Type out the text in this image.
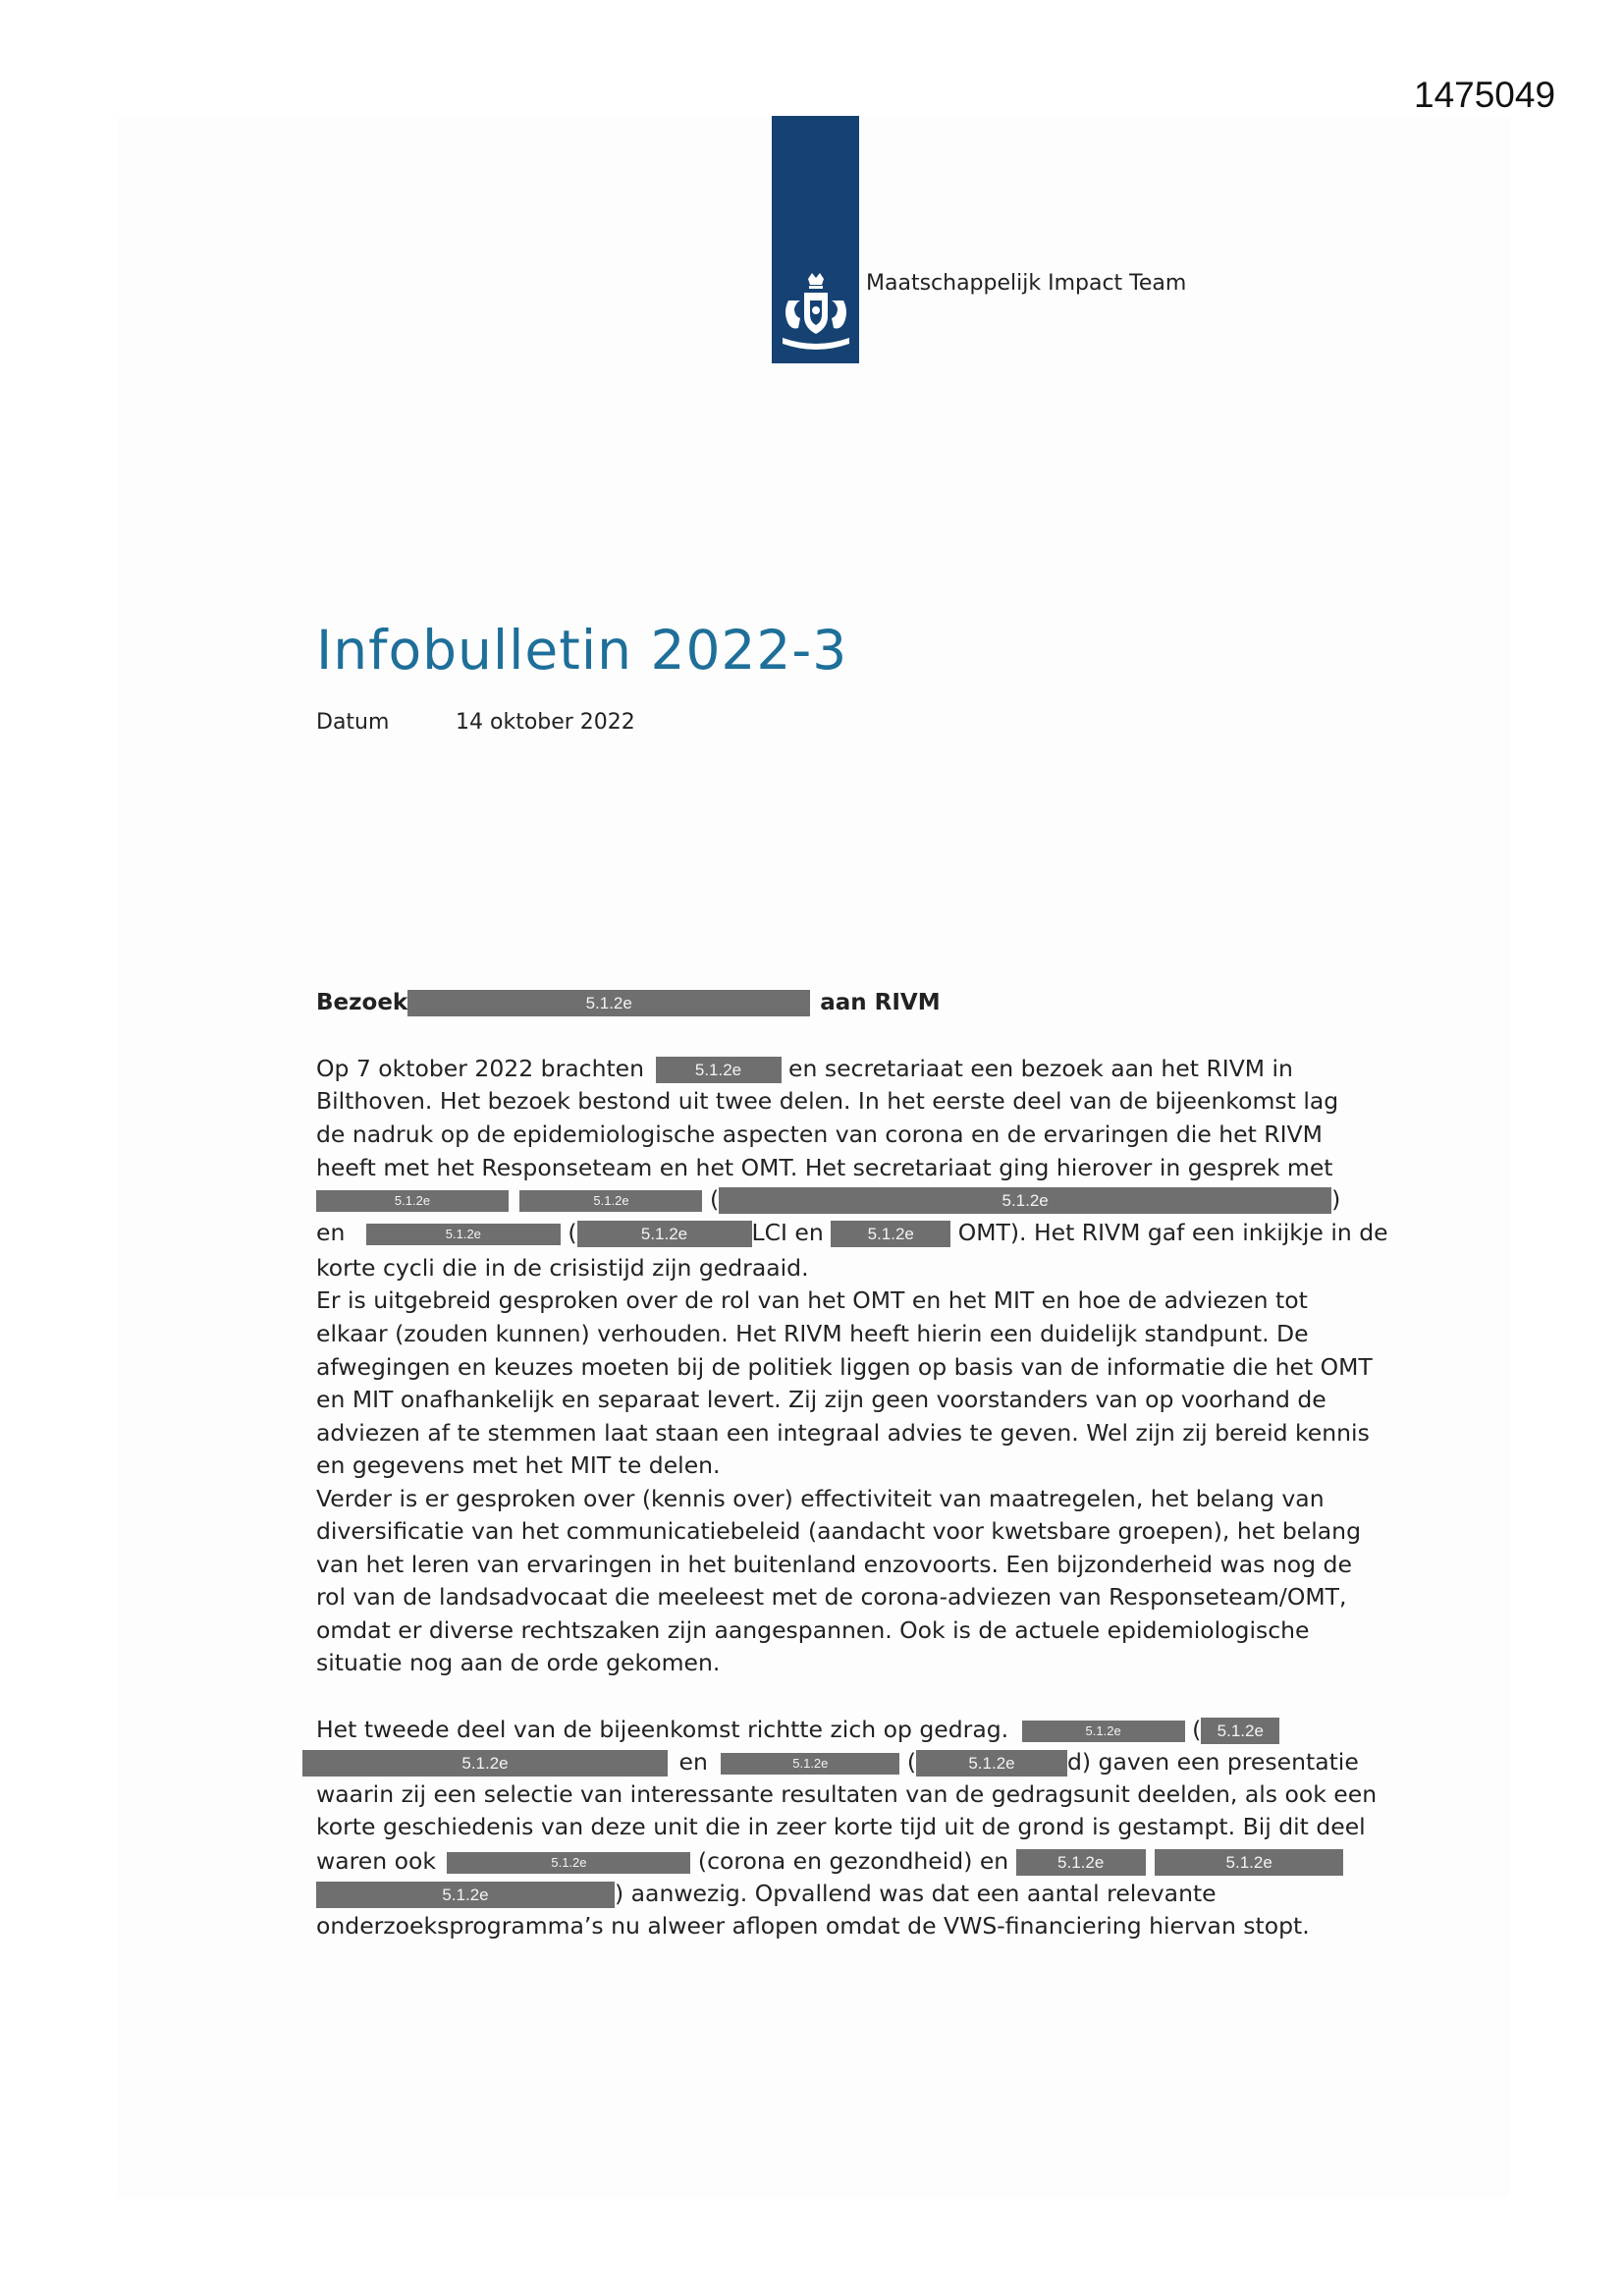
1475049
Maatschappelijk Impact Team
Infobulletin 2022-3
Datum	14 oktober 2022
Bezoek	5.1.2e	aan RIVM
Op 7 oktober 2022 brachten	5.1.2e en secretariaat een bezoek aan het RIVM in
Bilthoven. Het bezoek bestond uit twee delen. In het eerste deel van de bijeenkomst lag
de nadruk op de epidemiologische aspecten van corona en de ervaringen die het RIVM
heeft met het Responseteam en het OMT. Het secretariaat ging hierover in gesprek met
5.1.2e	5.1.2e	(	5.1.2e	)
en	5.1.2e	(	5.1.2e	LCI en	5.1.2e OMT). Het RIVM gaf een inkijkje in de
korte cycli die in de crisistijd zijn gedraaid.
Er is uitgebreid gesproken over de rol van het OMT en het MIT en hoe de adviezen tot
elkaar (zouden kunnen) verhouden. Het RIVM heeft hierin een duidelijk standpunt. De
afwegingen en keuzes moeten bij de politiek liggen op basis van de informatie die het OMT
en MIT onafhankelijk en separaat levert. Zij zijn geen voorstanders van op voorhand de
adviezen af te stemmen laat staan een integraal advies te geven. Wel zijn zij bereid kennis
en gegevens met het MIT te delen.
Verder is er gesproken over (kennis over) effectiviteit van maatregelen, het belang van
diversificatie van het communicatiebeleid (aandacht voor kwetsbare groepen), het belang
van het leren van ervaringen in het buitenland enzovoorts. Een bijzonderheid was nog de
rol van de landsadvocaat die meeleest met de corona-adviezen van Responseteam/OMT,
omdat er diverse rechtszaken zijn aangespannen. Ook is de actuele epidemiologische
situatie nog aan de orde gekomen.
Het tweede deel van de bijeenkomst richtte zich op gedrag.	5.1.2e	( 5.1.2e
5.1.2e	en	5.1.2e	(	5.1.2e d) gaven een presentatie
waarin zij een selectie van interessante resultaten van de gedragsunit deelden, als ook een
korte geschiedenis van deze unit die in zeer korte tijd uit de grond is gestampt. Bij dit deel
waren ook	5.1.2e	(corona en gezondheid) en	5.1.2e	5.1.2e
5.1.2e	) aanwezig. Opvallend was dat een aantal relevante
onderzoeksprogramma’s nu alweer aflopen omdat de VWS-financiering hiervan stopt.
